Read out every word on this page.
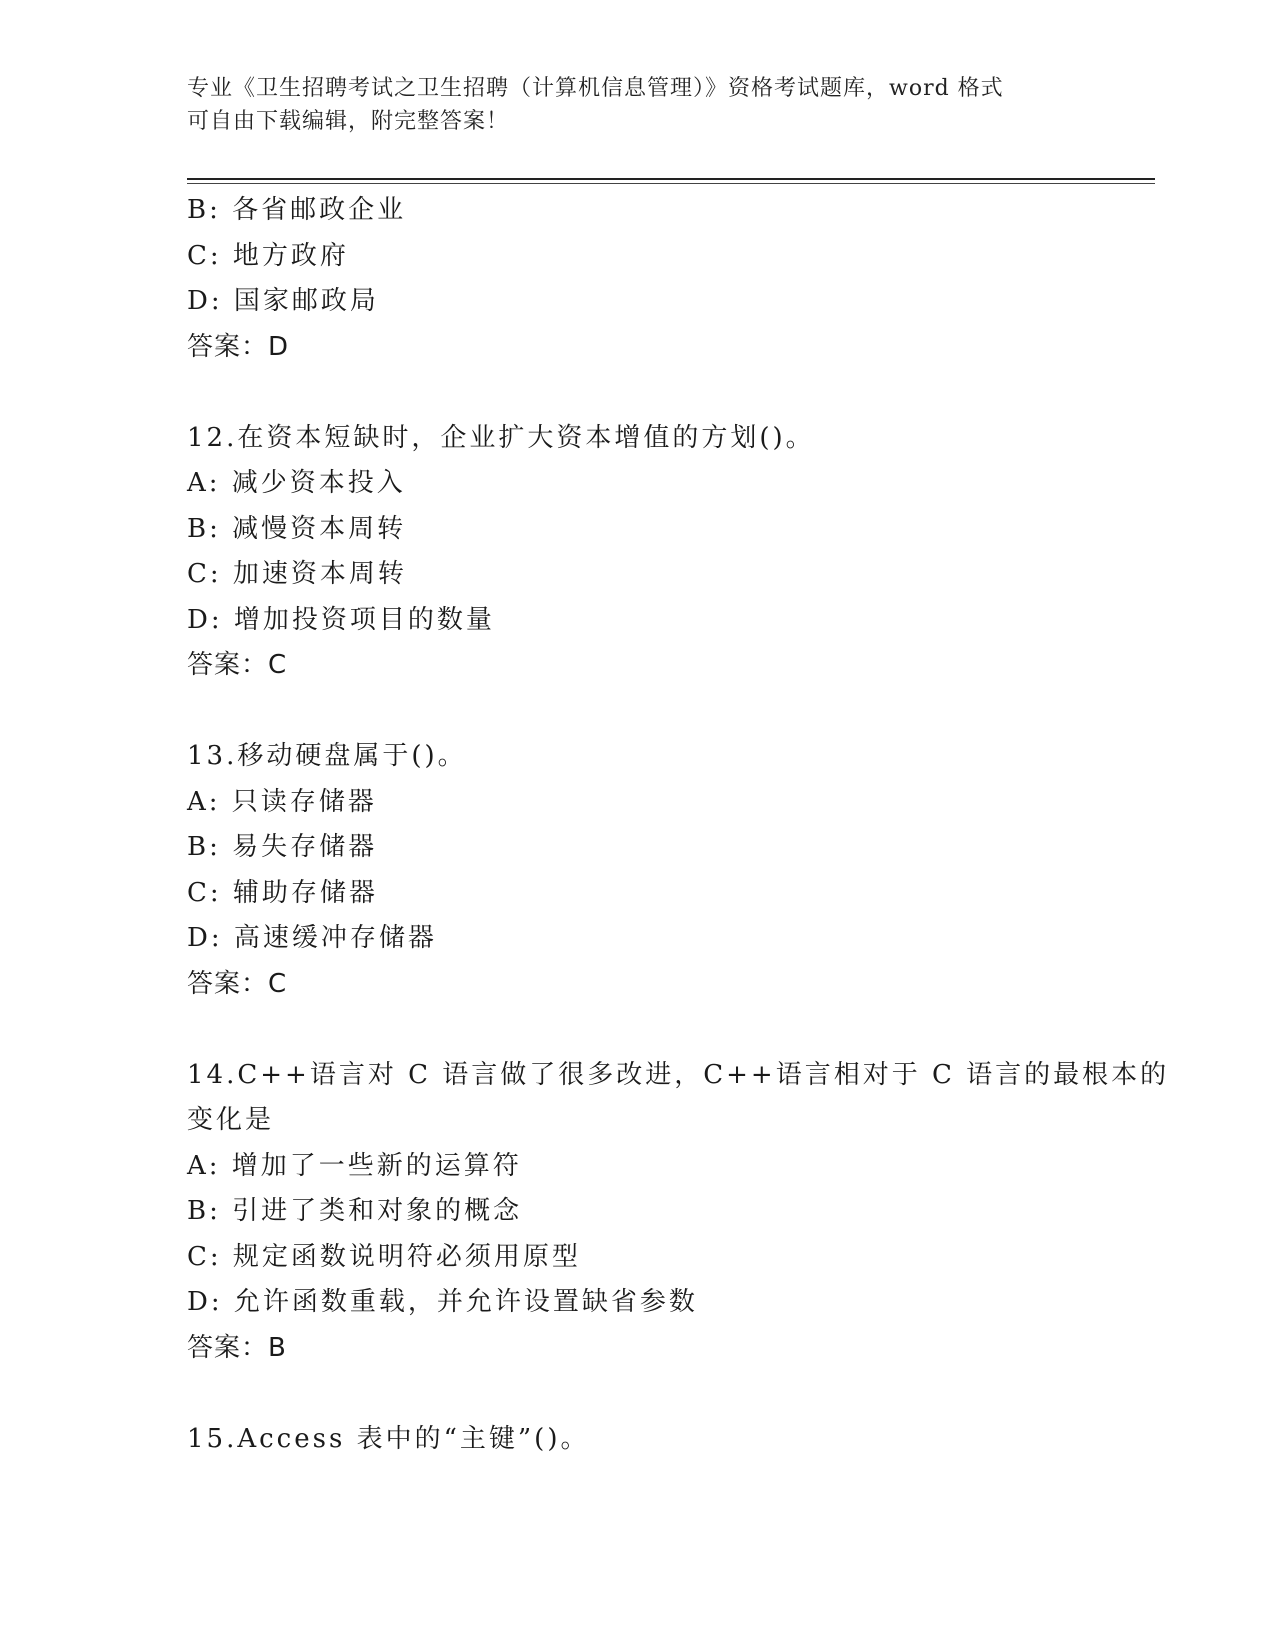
专业《卫生招聘考试之卫生招聘（计算机信息管理）》资格考试题库，word 格式
可自由下载编辑，附完整答案！
B: 各省邮政企业
C: 地方政府
D: 国家邮政局
答案：D
12.在资本短缺时，企业扩大资本增值的方划()。
A: 减少资本投入
B: 减慢资本周转
C: 加速资本周转
D: 增加投资项目的数量
答案：C
13.移动硬盘属于()。
A: 只读存储器
B: 易失存储器
C: 辅助存储器
D: 高速缓冲存储器
答案：C
14.C++语言对 C 语言做了很多改进，C++语言相对于 C 语言的最根本的
变化是
A: 增加了一些新的运算符
B: 引进了类和对象的概念
C: 规定函数说明符必须用原型
D: 允许函数重载，并允许设置缺省参数
答案：B
15.Access 表中的“主键”()。
